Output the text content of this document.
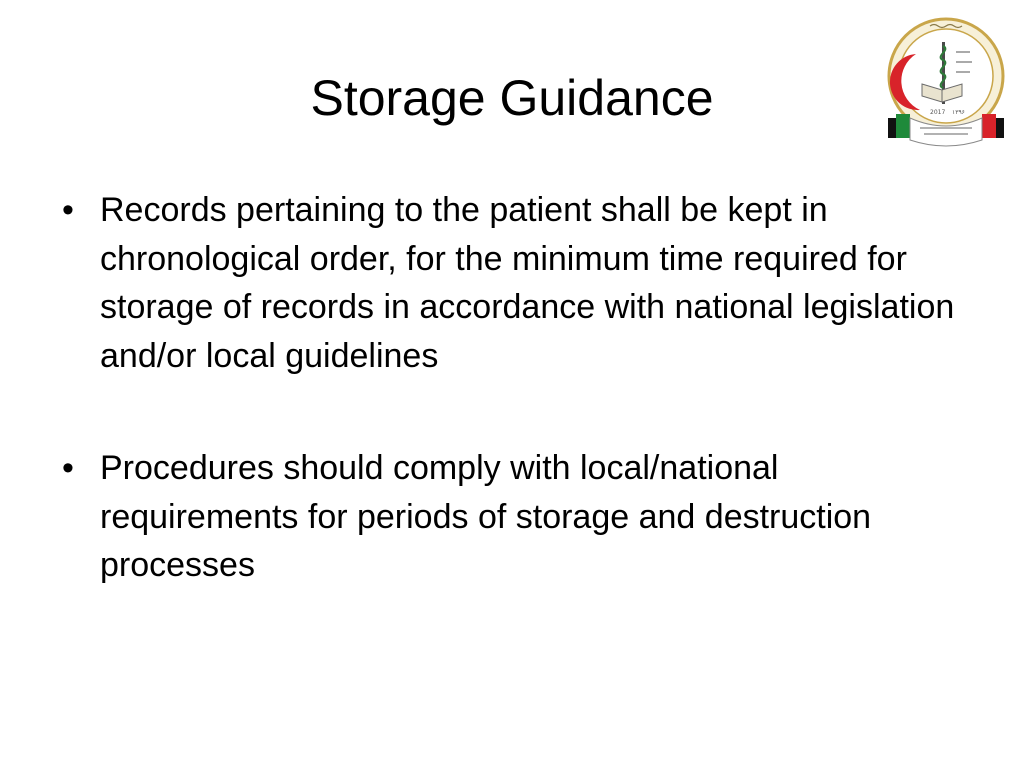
Storage Guidance	2017 ۱۳۹۶
• Records pertaining to the patient shall be kept in chronological order, for the minimum time required for storage of records in accordance with national legislation and/or local guidelines
• Procedures should comply with local/national requirements for periods of storage and destruction processes
